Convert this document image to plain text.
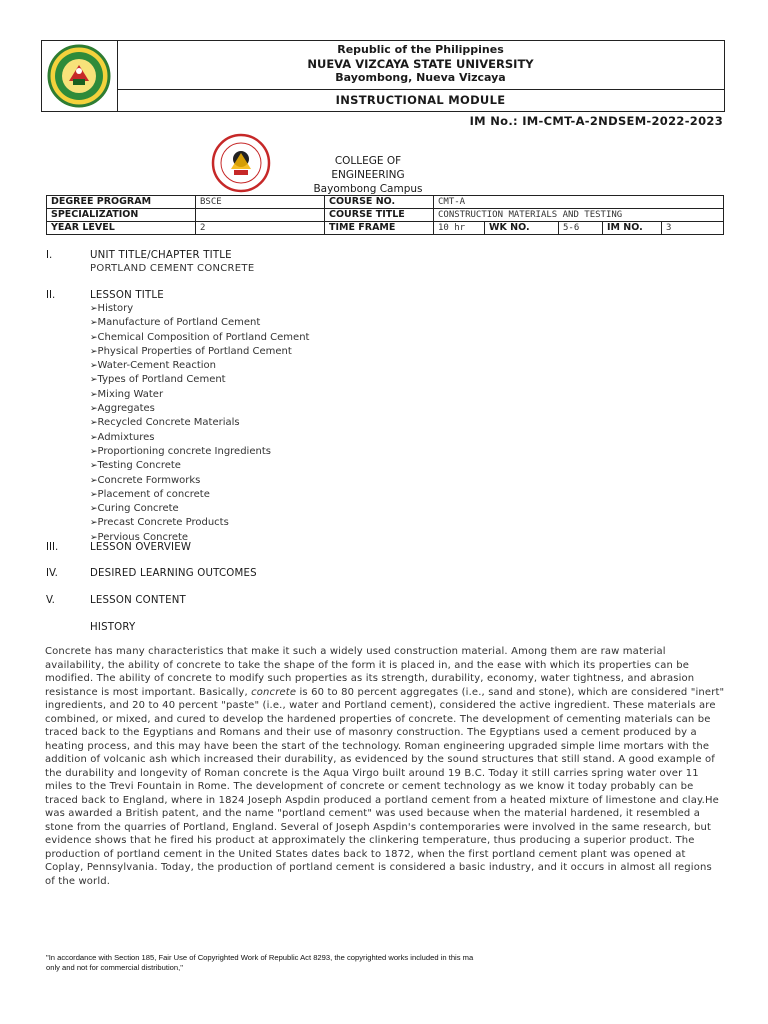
Republic of the Philippines
NUEVA VIZCAYA STATE UNIVERSITY
Bayombong, Nueva Vizcaya
INSTRUCTIONAL MODULE
IM No.: IM-CMT-A-2NDSEM-2022-2023
COLLEGE OF ENGINEERING
Bayombong Campus
DEGREE PROGRAM	BSCE	COURSE NO.	CMT-A				
SPECIALIZATION		COURSE TITLE	CONSTRUCTION MATERIALS AND TESTING				
YEAR LEVEL	2	TIME FRAME	10 hr	WK NO.	5-6	IM NO.	3
I.	UNIT TITLE/CHAPTER TITLE
PORTLAND CEMENT CONCRETE
II.	LESSON TITLE
➢ History
➢ Manufacture of Portland Cement
➢ Chemical Composition of Portland Cement
➢ Physical Properties of Portland Cement
➢ Water-Cement Reaction
➢ Types of Portland Cement
➢ Mixing Water
➢ Aggregates
➢ Recycled Concrete Materials
➢ Admixtures
➢ Proportioning concrete Ingredients
➢ Testing Concrete
➢ Concrete Formworks
➢ Placement of concrete
➢ Curing Concrete
➢ Precast Concrete Products
➢ Pervious Concrete
III.	LESSON OVERVIEW
IV.	DESIRED LEARNING OUTCOMES
V.	LESSON CONTENT
HISTORY
Concrete has many characteristics that make it such a widely used construction material. Among them are raw material availability, the ability of concrete to take the shape of the form it is placed in, and the ease with which its properties can be modified. The ability of concrete to modify such properties as its strength, durability, economy, water tightness, and abrasion resistance is most important. Basically, concrete is 60 to 80 percent aggregates (i.e., sand and stone), which are considered "inert" ingredients, and 20 to 40 percent "paste" (i.e., water and Portland cement), considered the active ingredient. These materials are combined, or mixed, and cured to develop the hardened properties of concrete. The development of cementing materials can be traced back to the Egyptians and Romans and their use of masonry construction. The Egyptians used a cement produced by a heating process, and this may have been the start of the technology. Roman engineering upgraded simple lime mortars with the addition of volcanic ash which increased their durability, as evidenced by the sound structures that still stand. A good example of the durability and longevity of Roman concrete is the Aqua Virgo built around 19 B.C. Today it still carries spring water over 11 miles to the Trevi Fountain in Rome. The development of concrete or cement technology as we know it today probably can be traced back to England, where in 1824 Joseph Aspdin produced a portland cement from a heated mixture of limestone and clay.He was awarded a British patent, and the name "portland cement" was used because when the material hardened, it resembled a stone from the quarries of Portland, England. Several of Joseph Aspdin's contemporaries were involved in the same research, but evidence shows that he fired his product at approximately the clinkering temperature, thus producing a superior product. The production of portland cement in the United States dates back to 1872, when the first portland cement plant was opened at Coplay, Pennsylvania. Today, the production of portland cement is considered a basic industry, and it occurs in almost all regions of the world.
"In accordance with Section 185, Fair Use of Copyrighted Work of Republic Act 8293, the copyrighted works included in this ma
only and not for commercial distribution,"
